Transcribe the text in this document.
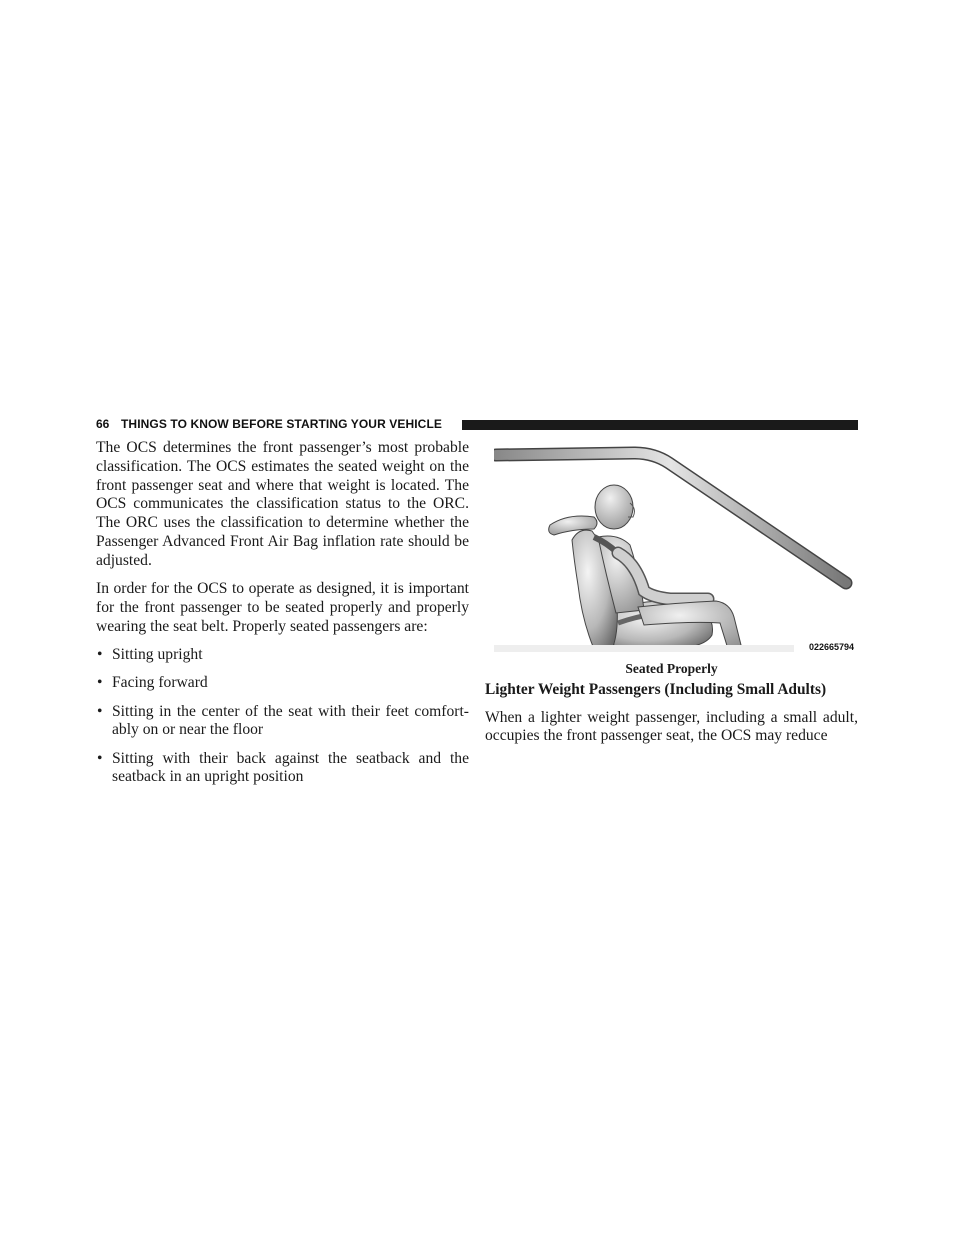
66 THINGS TO KNOW BEFORE STARTING YOUR VEHICLE

The OCS determines the front passenger’s most probable classification. The OCS estimates the seated weight on the front passenger seat and where that weight is located. The OCS communicates the classification status to the ORC. The ORC uses the classification to determine whether the Passenger Advanced Front Air Bag inflation rate should be adjusted.

In order for the OCS to operate as designed, it is important for the front passenger to be seated properly and properly wearing the seat belt. Properly seated passengers are:

• Sitting upright
• Facing forward
• Sitting in the center of the seat with their feet comfort- ably on or near the floor
• Sitting with their back against the seatback and the seatback in an upright position
022665794
Seated Properly
Lighter Weight Passengers (Including Small Adults)

When a lighter weight passenger, including a small adult, occupies the front passenger seat, the OCS may reduce
